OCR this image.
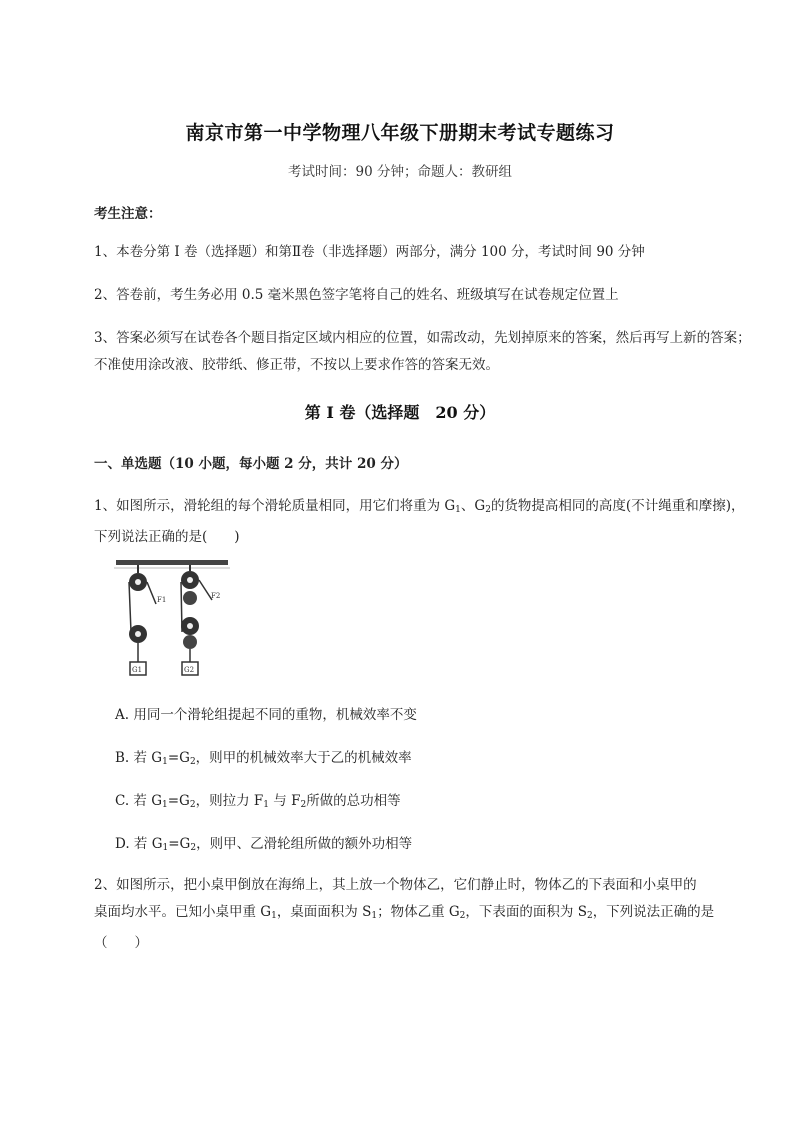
南京市第一中学物理八年级下册期末考试专题练习
考试时间：90 分钟；命题人：教研组
考生注意：
1、本卷分第 I 卷（选择题）和第Ⅱ卷（非选择题）两部分，满分 100 分，考试时间 90 分钟
2、答卷前，考生务必用 0.5 毫米黑色签字笔将自己的姓名、班级填写在试卷规定位置上
3、答案必须写在试卷各个题目指定区域内相应的位置，如需改动，先划掉原来的答案，然后再写上新的答案；不准使用涂改液、胶带纸、修正带，不按以上要求作答的答案无效。
第 I 卷（选择题　20 分）
一、单选题（10 小题，每小题 2 分，共计 20 分）
1、如图所示，滑轮组的每个滑轮质量相同，用它们将重为 $G_1$、$G_2$的货物提高相同的高度(不计绳重和摩擦)，下列说法正确的是(　　)
F1
G1
F2
G2
A. 用同一个滑轮组提起不同的重物，机械效率不变
B. 若 $G_1=G_2$，则甲的机械效率大于乙的机械效率
C. 若 $G_1=G_2$，则拉力 $F_1$ 与 $F_2$所做的总功相等
D. 若 $G_1=G_2$，则甲、乙滑轮组所做的额外功相等
2、如图所示，把小桌甲倒放在海绵上，其上放一个物体乙，它们静止时，物体乙的下表面和小桌甲的
桌面均水平。已知小桌甲重 $G_1$，桌面面积为 $S_1$；物体乙重 $G_2$，下表面的面积为 $S_2$，下列说法正确的是
（　　）
